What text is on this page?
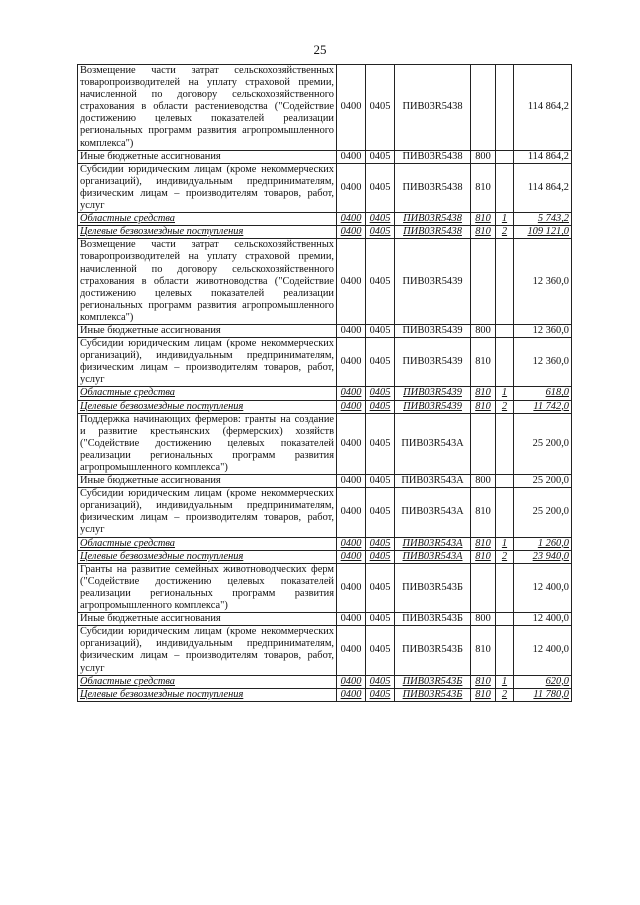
25
Возмещение части затрат сельскохозяйственных товаропроизводителей на уплату страховой премии, начисленной по договору сельскохозяйственного страхования в области растениеводства ("Содействие достижению целевых показателей реализации региональных программ развития агропромышленного комплекса")	0400	0405	ПИВ03R5438			114 864,2
Иные бюджетные ассигнования	0400	0405	ПИВ03R5438	800		114 864,2
Субсидии юридическим лицам (кроме некоммерческих организаций), индивидуальным предпринимателям, физическим лицам – производителям товаров, работ, услуг	0400	0405	ПИВ03R5438	810		114 864,2
Областные средства	0400	0405	ПИВ03R5438	810	1	5 743,2
Целевые безвозмездные поступления	0400	0405	ПИВ03R5438	810	2	109 121,0
Возмещение части затрат сельскохозяйственных товаропроизводителей на уплату страховой премии, начисленной по договору сельскохозяйственного страхования в области животноводства ("Содействие достижению целевых показателей реализации региональных программ развития агропромышленного комплекса")	0400	0405	ПИВ03R5439			12 360,0
Иные бюджетные ассигнования	0400	0405	ПИВ03R5439	800		12 360,0
Субсидии юридическим лицам (кроме некоммерческих организаций), индивидуальным предпринимателям, физическим лицам – производителям товаров, работ, услуг	0400	0405	ПИВ03R5439	810		12 360,0
Областные средства	0400	0405	ПИВ03R5439	810	1	618,0
Целевые безвозмездные поступления	0400	0405	ПИВ03R5439	810	2	11 742,0
Поддержка начинающих фермеров: гранты на создание и развитие крестьянских (фермерских) хозяйств ("Содействие достижению целевых показателей реализации региональных программ развития агропромышленного комплекса")	0400	0405	ПИВ03R543А			25 200,0
Иные бюджетные ассигнования	0400	0405	ПИВ03R543А	800		25 200,0
Субсидии юридическим лицам (кроме некоммерческих организаций), индивидуальным предпринимателям, физическим лицам – производителям товаров, работ, услуг	0400	0405	ПИВ03R543А	810		25 200,0
Областные средства	0400	0405	ПИВ03R543А	810	1	1 260,0
Целевые безвозмездные поступления	0400	0405	ПИВ03R543А	810	2	23 940,0
Гранты на развитие семейных животноводческих ферм ("Содействие достижению целевых показателей реализации региональных программ развития агропромышленного комплекса")	0400	0405	ПИВ03R543Б			12 400,0
Иные бюджетные ассигнования	0400	0405	ПИВ03R543Б	800		12 400,0
Субсидии юридическим лицам (кроме некоммерческих организаций), индивидуальным предпринимателям, физическим лицам – производителям товаров, работ, услуг	0400	0405	ПИВ03R543Б	810		12 400,0
Областные средства	0400	0405	ПИВ03R543Б	810	1	620,0
Целевые безвозмездные поступления	0400	0405	ПИВ03R543Б	810	2	11 780,0
